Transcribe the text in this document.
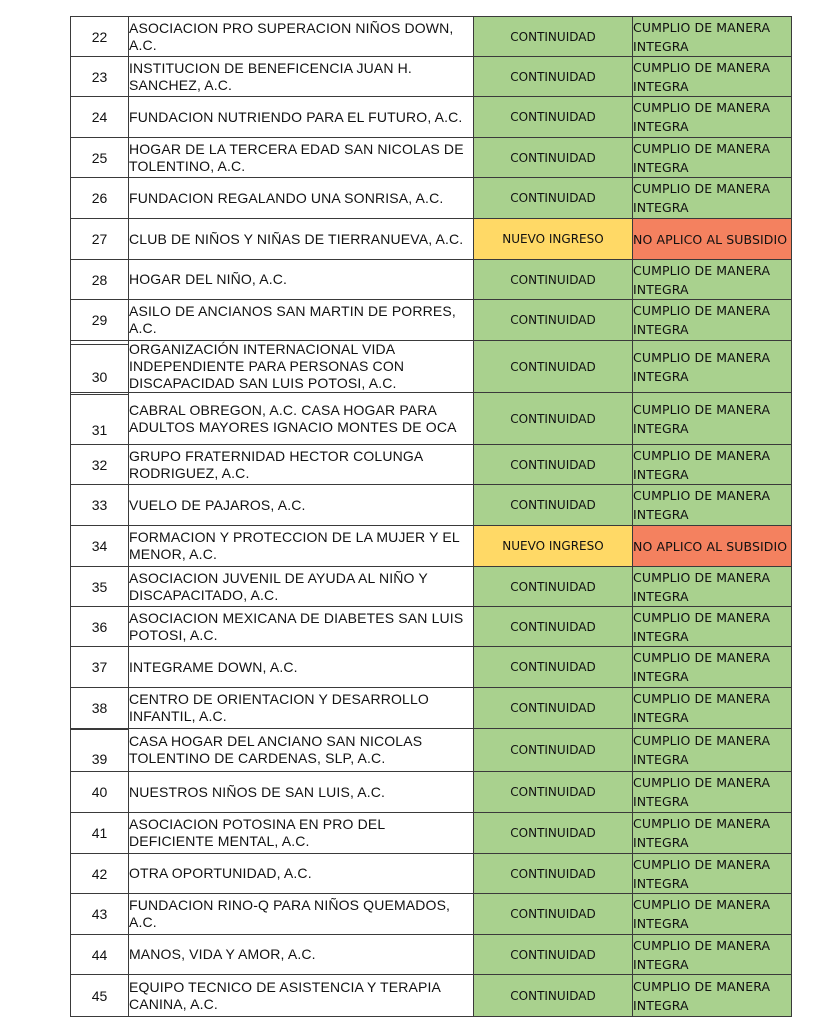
22	ASOCIACION PRO SUPERACION NIÑOS DOWN, A.C.	CONTINUIDAD	CUMPLIO DE MANERA INTEGRA
23	INSTITUCION DE BENEFICENCIA JUAN H. SANCHEZ, A.C.	CONTINUIDAD	CUMPLIO DE MANERA INTEGRA
24	FUNDACION NUTRIENDO PARA EL FUTURO, A.C.	CONTINUIDAD	CUMPLIO DE MANERA INTEGRA
25	HOGAR DE LA TERCERA EDAD SAN NICOLAS DE TOLENTINO, A.C.	CONTINUIDAD	CUMPLIO DE MANERA INTEGRA
26	FUNDACION REGALANDO UNA SONRISA, A.C.	CONTINUIDAD	CUMPLIO DE MANERA INTEGRA
27	CLUB DE NIÑOS Y NIÑAS DE TIERRANUEVA, A.C.	NUEVO INGRESO	NO APLICO AL SUBSIDIO
28	HOGAR DEL NIÑO, A.C.	CONTINUIDAD	CUMPLIO DE MANERA INTEGRA
29	ASILO DE ANCIANOS SAN MARTIN DE PORRES, A.C.	CONTINUIDAD	CUMPLIO DE MANERA INTEGRA

30	ORGANIZACIÓN INTERNACIONAL VIDA INDEPENDIENTE PARA PERSONAS CON DISCAPACIDAD SAN LUIS POTOSI, A.C.	CONTINUIDAD	CUMPLIO DE MANERA INTEGRA

31	CABRAL OBREGON, A.C. CASA HOGAR PARA ADULTOS MAYORES IGNACIO MONTES DE OCA	CONTINUIDAD	CUMPLIO DE MANERA INTEGRA
32	GRUPO FRATERNIDAD HECTOR COLUNGA RODRIGUEZ, A.C.	CONTINUIDAD	CUMPLIO DE MANERA INTEGRA
33	VUELO DE PAJAROS, A.C.	CONTINUIDAD	CUMPLIO DE MANERA INTEGRA
34	FORMACION Y PROTECCION DE LA MUJER Y EL MENOR, A.C.	NUEVO INGRESO	NO APLICO AL SUBSIDIO
35	ASOCIACION JUVENIL DE AYUDA AL NIÑO Y DISCAPACITADO, A.C.	CONTINUIDAD	CUMPLIO DE MANERA INTEGRA
36	ASOCIACION MEXICANA DE DIABETES SAN LUIS POTOSI, A.C.	CONTINUIDAD	CUMPLIO DE MANERA INTEGRA
37	INTEGRAME DOWN, A.C.	CONTINUIDAD	CUMPLIO DE MANERA INTEGRA
38	CENTRO DE ORIENTACION Y DESARROLLO INFANTIL, A.C.	CONTINUIDAD	CUMPLIO DE MANERA INTEGRA

39	CASA HOGAR DEL ANCIANO SAN NICOLAS TOLENTINO DE CARDENAS, SLP, A.C.	CONTINUIDAD	CUMPLIO DE MANERA INTEGRA
40	NUESTROS NIÑOS DE SAN LUIS, A.C.	CONTINUIDAD	CUMPLIO DE MANERA INTEGRA
41	ASOCIACION POTOSINA EN PRO DEL DEFICIENTE MENTAL, A.C.	CONTINUIDAD	CUMPLIO DE MANERA INTEGRA
42	OTRA OPORTUNIDAD, A.C.	CONTINUIDAD	CUMPLIO DE MANERA INTEGRA
43	FUNDACION RINO-Q PARA NIÑOS QUEMADOS, A.C.	CONTINUIDAD	CUMPLIO DE MANERA INTEGRA
44	MANOS, VIDA Y AMOR, A.C.	CONTINUIDAD	CUMPLIO DE MANERA INTEGRA
45	EQUIPO TECNICO DE ASISTENCIA Y TERAPIA CANINA, A.C.	CONTINUIDAD	CUMPLIO DE MANERA INTEGRA
